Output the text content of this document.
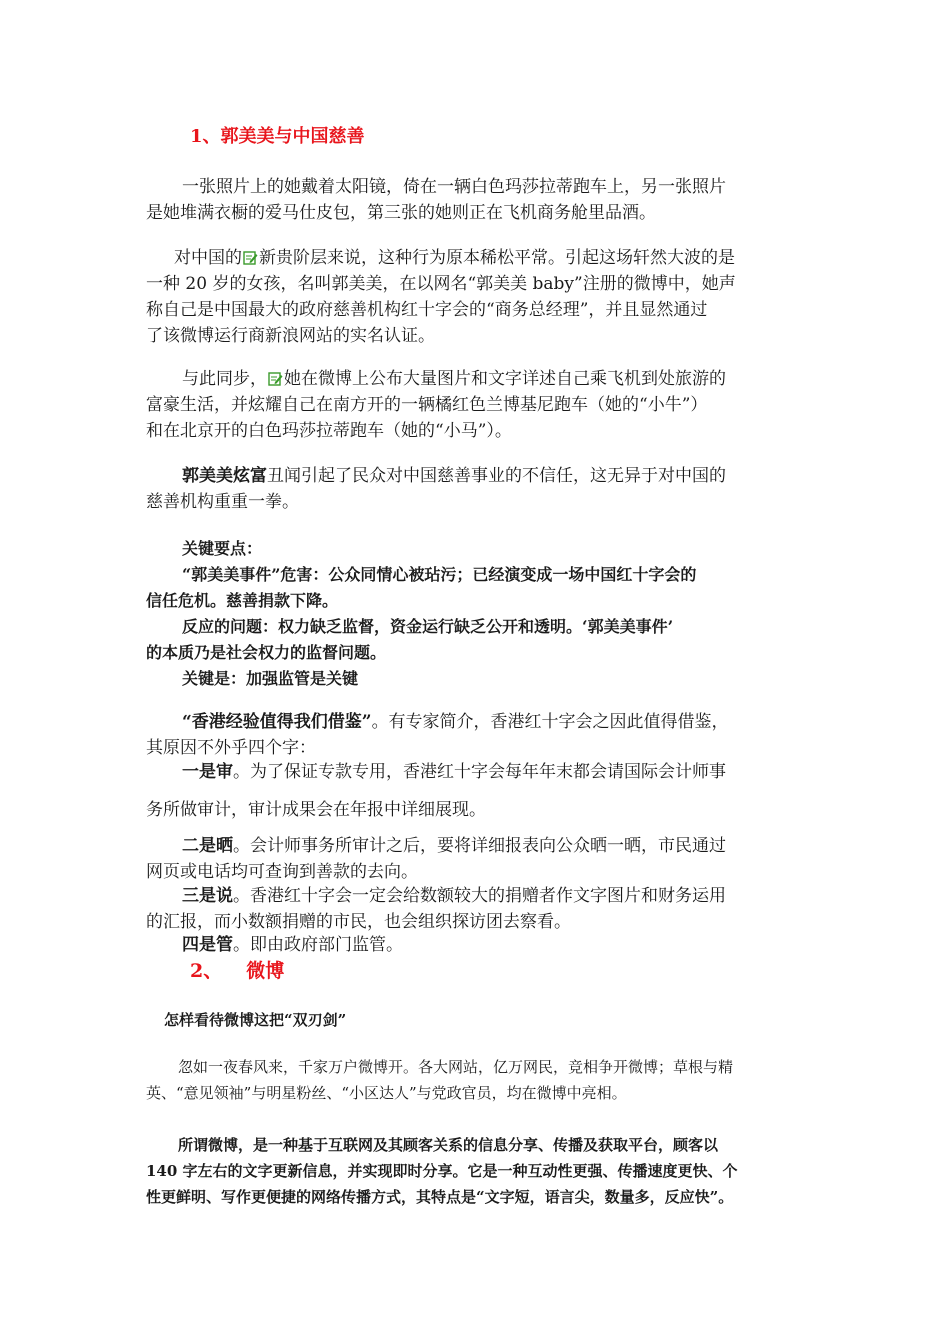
1、郭美美与中国慈善
一张照片上的她戴着太阳镜，倚在一辆白色玛莎拉蒂跑车上，另一张照片
是她堆满衣橱的爱马仕皮包，第三张的她则正在飞机商务舱里品酒。
对中国的 新贵阶层来说，这种行为原本稀松平常。引起这场轩然大波的是
一种 20 岁的女孩，名叫郭美美，在以网名“郭美美 baby”注册的微博中，她声
称自己是中国最大的政府慈善机构红十字会的“商务总经理”，并且显然通过
了该微博运行商新浪网站的实名认证。
与此同步， 她在微博上公布大量图片和文字详述自己乘飞机到处旅游的
富豪生活，并炫耀自己在南方开的一辆橘红色兰博基尼跑车（她的“小牛”）
和在北京开的白色玛莎拉蒂跑车（她的“小马”）。
郭美美炫富丑闻引起了民众对中国慈善事业的不信任，这无异于对中国的
慈善机构重重一拳。
关键要点：
“郭美美事件”危害：公众同情心被玷污；已经演变成一场中国红十字会的
信任危机。慈善捐款下降。
反应的问题：权力缺乏监督，资金运行缺乏公开和透明。‘郭美美事件’
的本质乃是社会权力的监督问题。
关键是：加强监管是关键
“香港经验值得我们借鉴”。有专家简介，香港红十字会之因此值得借鉴，
其原因不外乎四个字：
一是审。为了保证专款专用，香港红十字会每年年末都会请国际会计师事
务所做审计，审计成果会在年报中详细展现。
二是晒。会计师事务所审计之后，要将详细报表向公众晒一晒，市民通过
网页或电话均可查询到善款的去向。
三是说。香港红十字会一定会给数额较大的捐赠者作文字图片和财务运用
的汇报，而小数额捐赠的市民，也会组织探访团去察看。
四是管。即由政府部门监管。
2、 微博
怎样看待微博这把“双刃剑”
忽如一夜春风来，千家万户微博开。各大网站，亿万网民，竞相争开微博；草根与精
英、“意见领袖”与明星粉丝、“小区达人”与党政官员，均在微博中亮相。
所谓微博，是一种基于互联网及其顾客关系的信息分享、传播及获取平台，顾客以
140 字左右的文字更新信息，并实现即时分享。它是一种互动性更强、传播速度更快、个
性更鲜明、写作更便捷的网络传播方式，其特点是“文字短，语言尖，数量多，反应快”。
